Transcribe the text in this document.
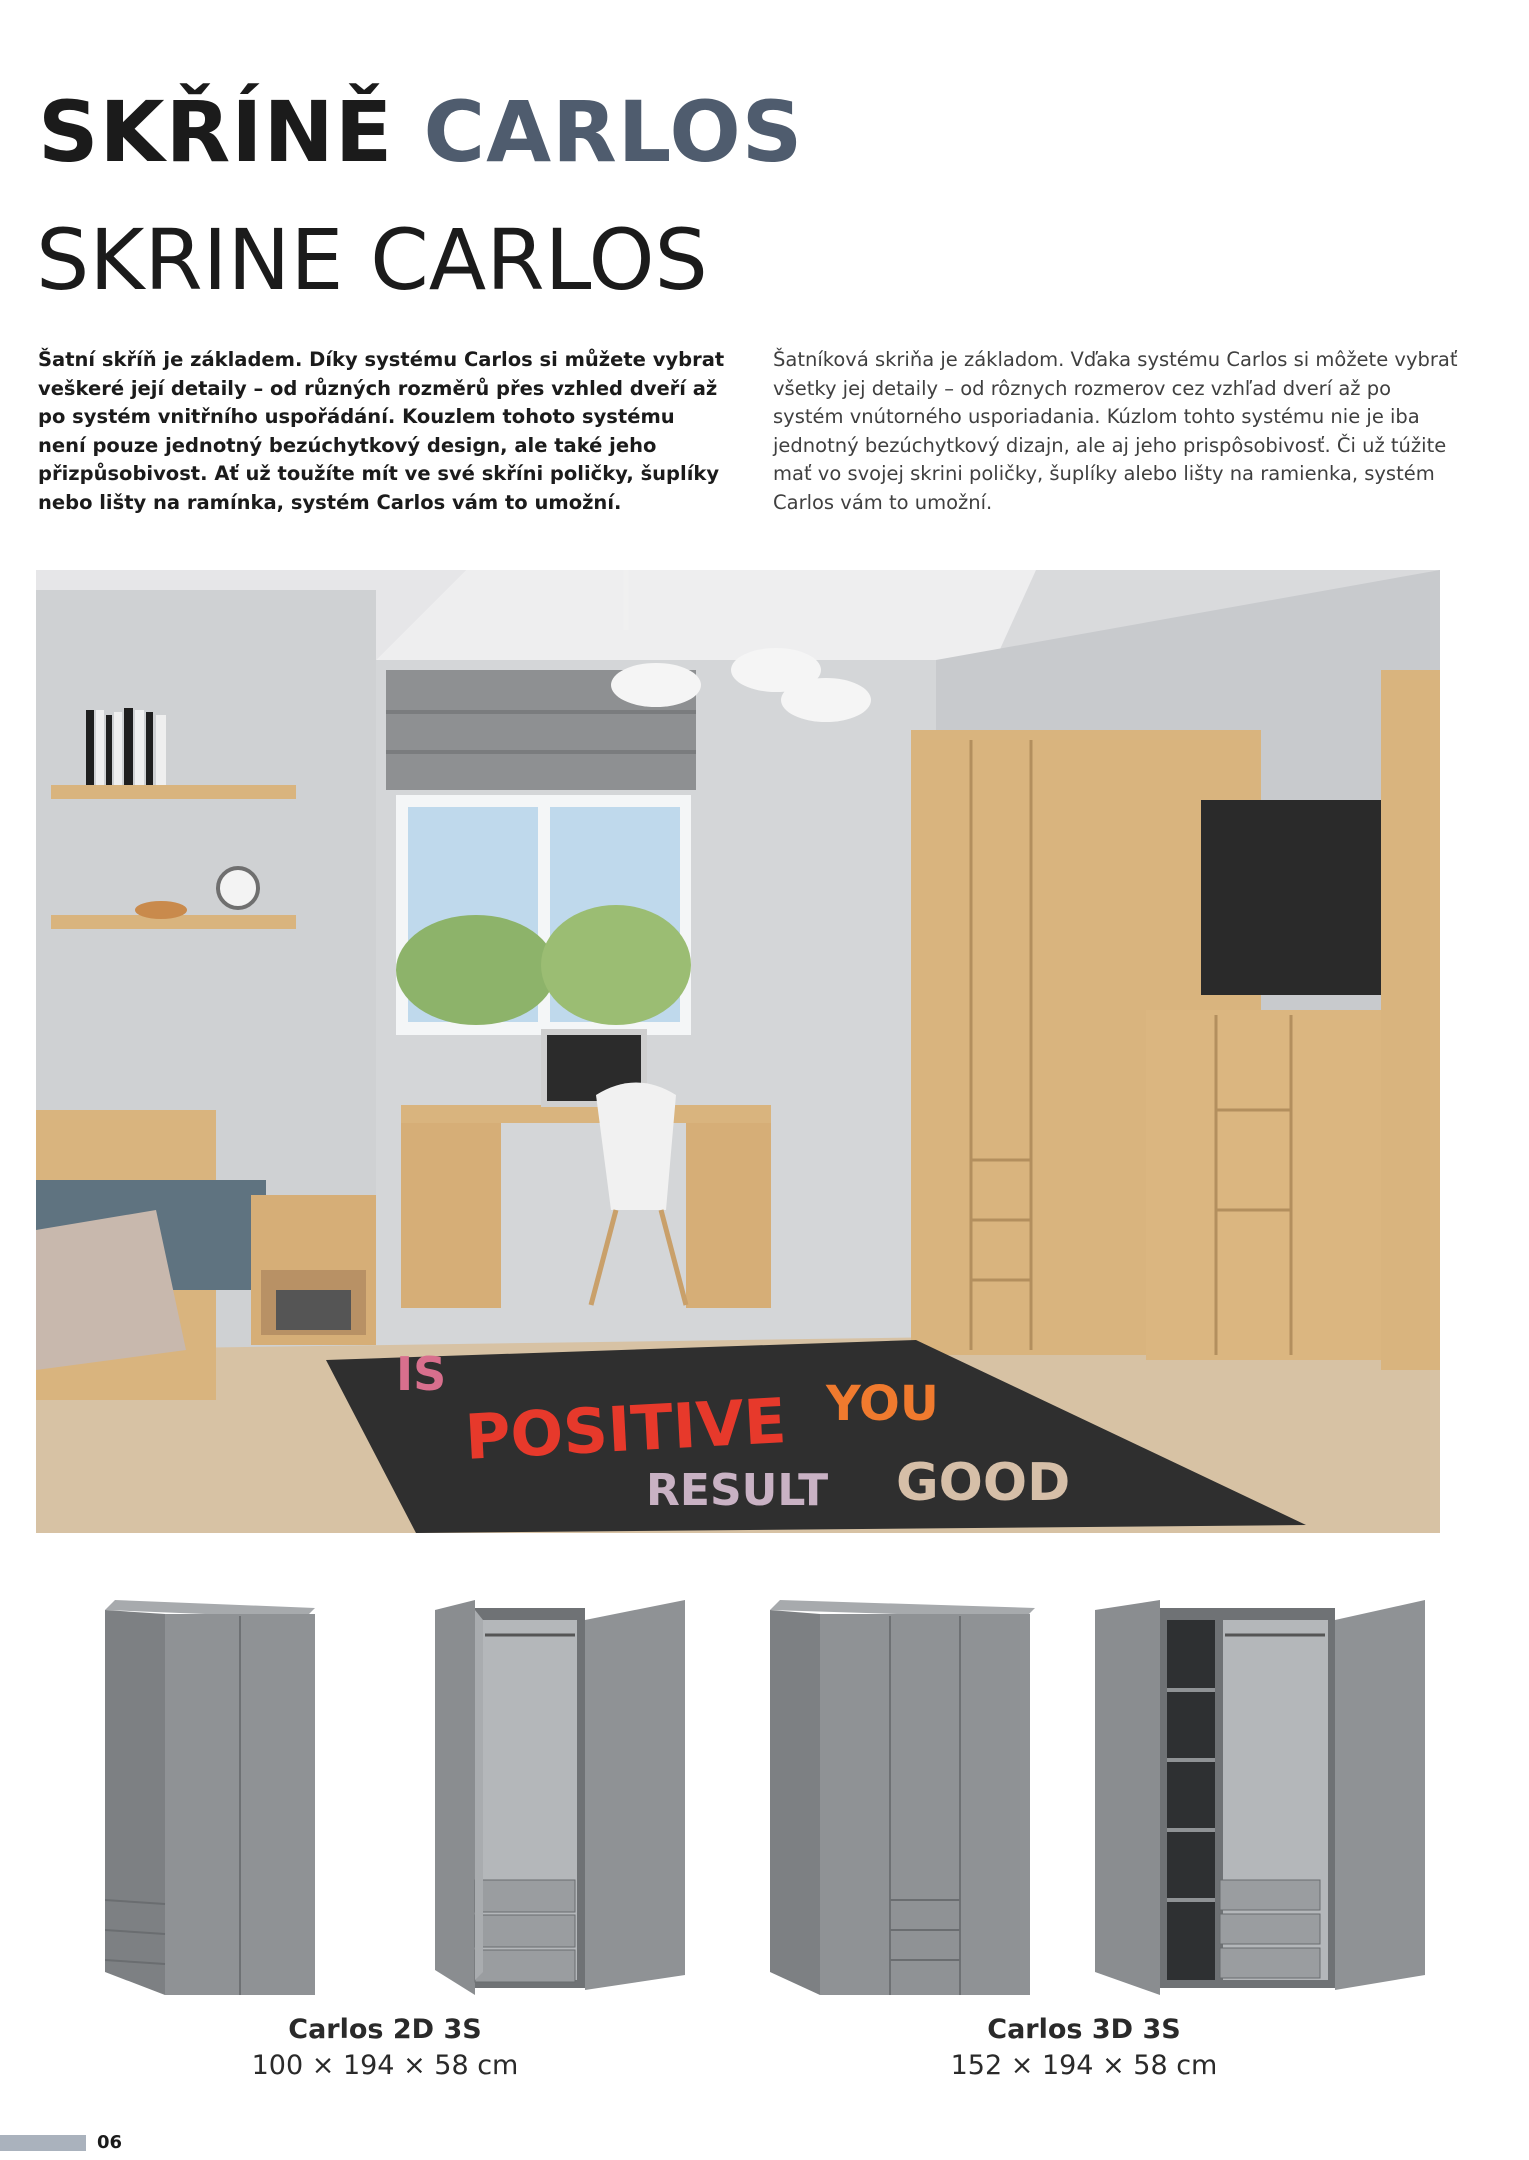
SKŘÍNĚ CARLOS
SKRINE CARLOS

Šatní skříň je základem. Díky systému Carlos si můžete vybrat veškeré její detaily – od různých rozměrů přes vzhled dveří až po systém vnitřního uspořádání. Kouzlem tohoto systému není pouze jednotný bezúchytkový design, ale také jeho přizpůsobivost. Ať už toužíte mít ve své skříni poličky, šuplíky nebo lišty na ramínka, systém Carlos vám to umožní.

Šatníková skriňa je základom. Vďaka systému Carlos si môžete vybrať všetky jej detaily – od rôznych rozmerov cez vzhľad dverí až po systém vnútorného usporiadania. Kúzlom tohto systému nie je iba jednotný bezúchytkový dizajn, ale aj jeho prispôsobivosť. Či už túžite mať vo svojej skrini poličky, šuplíky alebo lišty na ramienka, systém Carlos vám to umožní.

POSITIVE
IS
RESULT
YOU
GOOD
Carlos 2D 3S
100 × 194 × 58 cm
Carlos 3D 3S
152 × 194 × 58 cm
06
